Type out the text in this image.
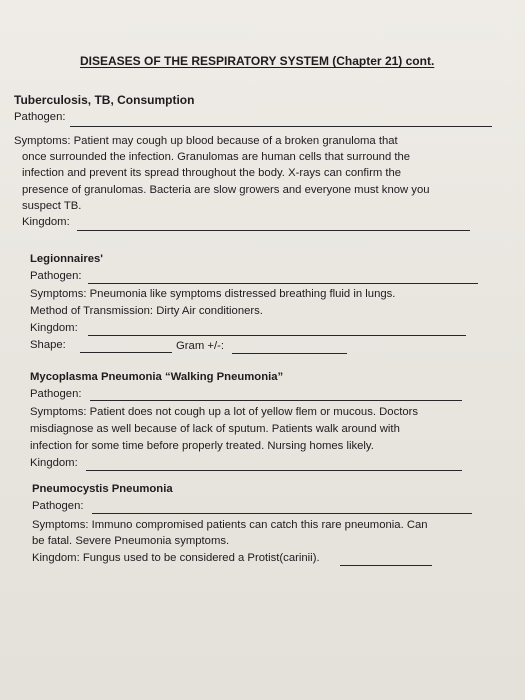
DISEASES OF THE RESPIRATORY SYSTEM (Chapter 21) cont.
Tuberculosis, TB, Consumption
Pathogen:
Symptoms: Patient may cough up blood because of a broken granuloma that
once surrounded the infection. Granulomas are human cells that surround the
infection and prevent its spread throughout the body. X-rays can confirm the
presence of granulomas. Bacteria are slow growers and everyone must know you
suspect TB.
Kingdom:
Legionnaires'
Pathogen:
Symptoms: Pneumonia like symptoms distressed breathing fluid in lungs.
Method of Transmission: Dirty Air conditioners.
Kingdom:
Shape:	Gram +/-:
Mycoplasma Pneumonia “Walking Pneumonia”
Pathogen:
Symptoms: Patient does not cough up a lot of yellow flem or mucous. Doctors
misdiagnose as well because of lack of sputum. Patients walk around with
infection for some time before properly treated. Nursing homes likely.
Kingdom:
Pneumocystis Pneumonia
Pathogen:
Symptoms: Immuno compromised patients can catch this rare pneumonia. Can
be fatal. Severe Pneumonia symptoms.
Kingdom: Fungus used to be considered a Protist(carinii).
